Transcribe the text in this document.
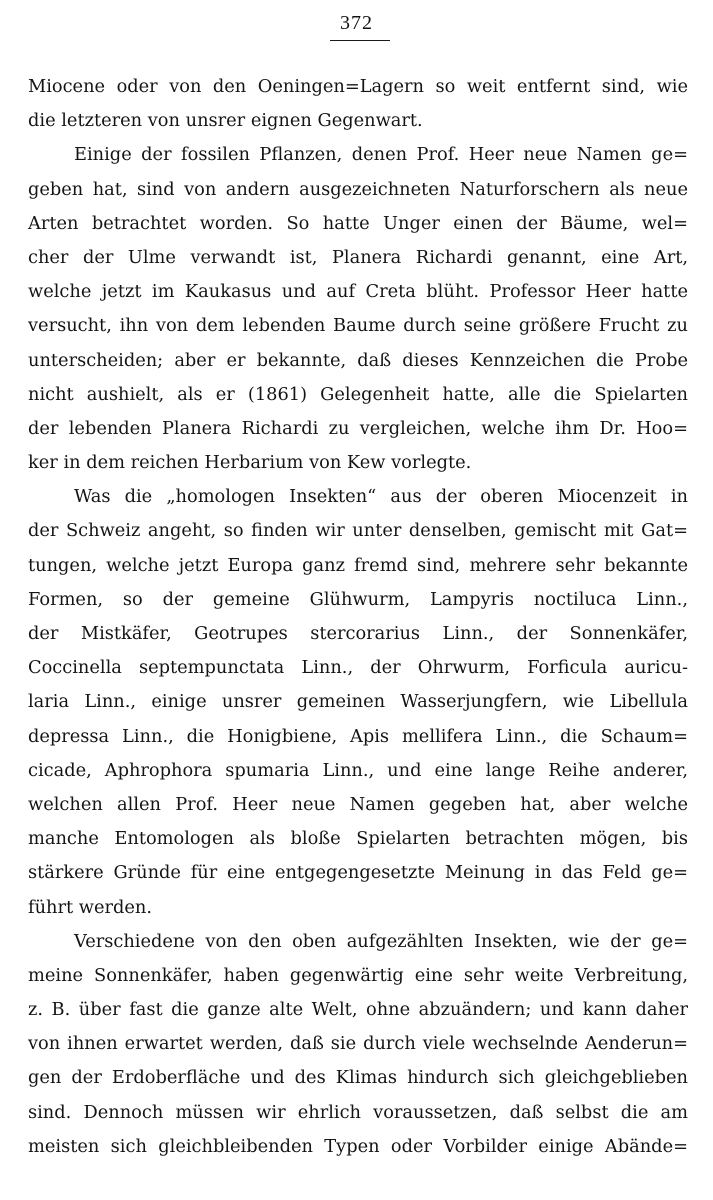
372
Miocene oder von den Oeningen=Lagern so weit entfernt sind, wie
die letzteren von unsrer eignen Gegenwart.
Einige der fossilen Pflanzen, denen Prof. Heer neue Namen ge=
geben hat, sind von andern ausgezeichneten Naturforschern als neue
Arten betrachtet worden. So hatte Unger einen der Bäume, wel=
cher der Ulme verwandt ist, Planera Richardi genannt, eine Art,
welche jetzt im Kaukasus und auf Creta blüht. Professor Heer hatte
versucht, ihn von dem lebenden Baume durch seine größere Frucht zu
unterscheiden; aber er bekannte, daß dieses Kennzeichen die Probe
nicht aushielt, als er (1861) Gelegenheit hatte, alle die Spielarten
der lebenden Planera Richardi zu vergleichen, welche ihm Dr. Hoo=
ker in dem reichen Herbarium von Kew vorlegte.
Was die „homologen Insekten“ aus der oberen Miocenzeit in
der Schweiz angeht, so finden wir unter denselben, gemischt mit Gat=
tungen, welche jetzt Europa ganz fremd sind, mehrere sehr bekannte
Formen, so der gemeine Glühwurm, Lampyris noctiluca Linn.,
der Mistkäfer, Geotrupes stercorarius Linn., der Sonnenkäfer,
Coccinella septempunctata Linn., der Ohrwurm, Forficula auricu-
laria Linn., einige unsrer gemeinen Wasserjungfern, wie Libellula
depressa Linn., die Honigbiene, Apis mellifera Linn., die Schaum=
cicade, Aphrophora spumaria Linn., und eine lange Reihe anderer,
welchen allen Prof. Heer neue Namen gegeben hat, aber welche
manche Entomologen als bloße Spielarten betrachten mögen, bis
stärkere Gründe für eine entgegengesetzte Meinung in das Feld ge=
führt werden.
Verschiedene von den oben aufgezählten Insekten, wie der ge=
meine Sonnenkäfer, haben gegenwärtig eine sehr weite Verbreitung,
z. B. über fast die ganze alte Welt, ohne abzuändern; und kann daher
von ihnen erwartet werden, daß sie durch viele wechselnde Aenderun=
gen der Erdoberfläche und des Klimas hindurch sich gleichgeblieben
sind. Dennoch müssen wir ehrlich voraussetzen, daß selbst die am
meisten sich gleichbleibenden Typen oder Vorbilder einige Abände=
